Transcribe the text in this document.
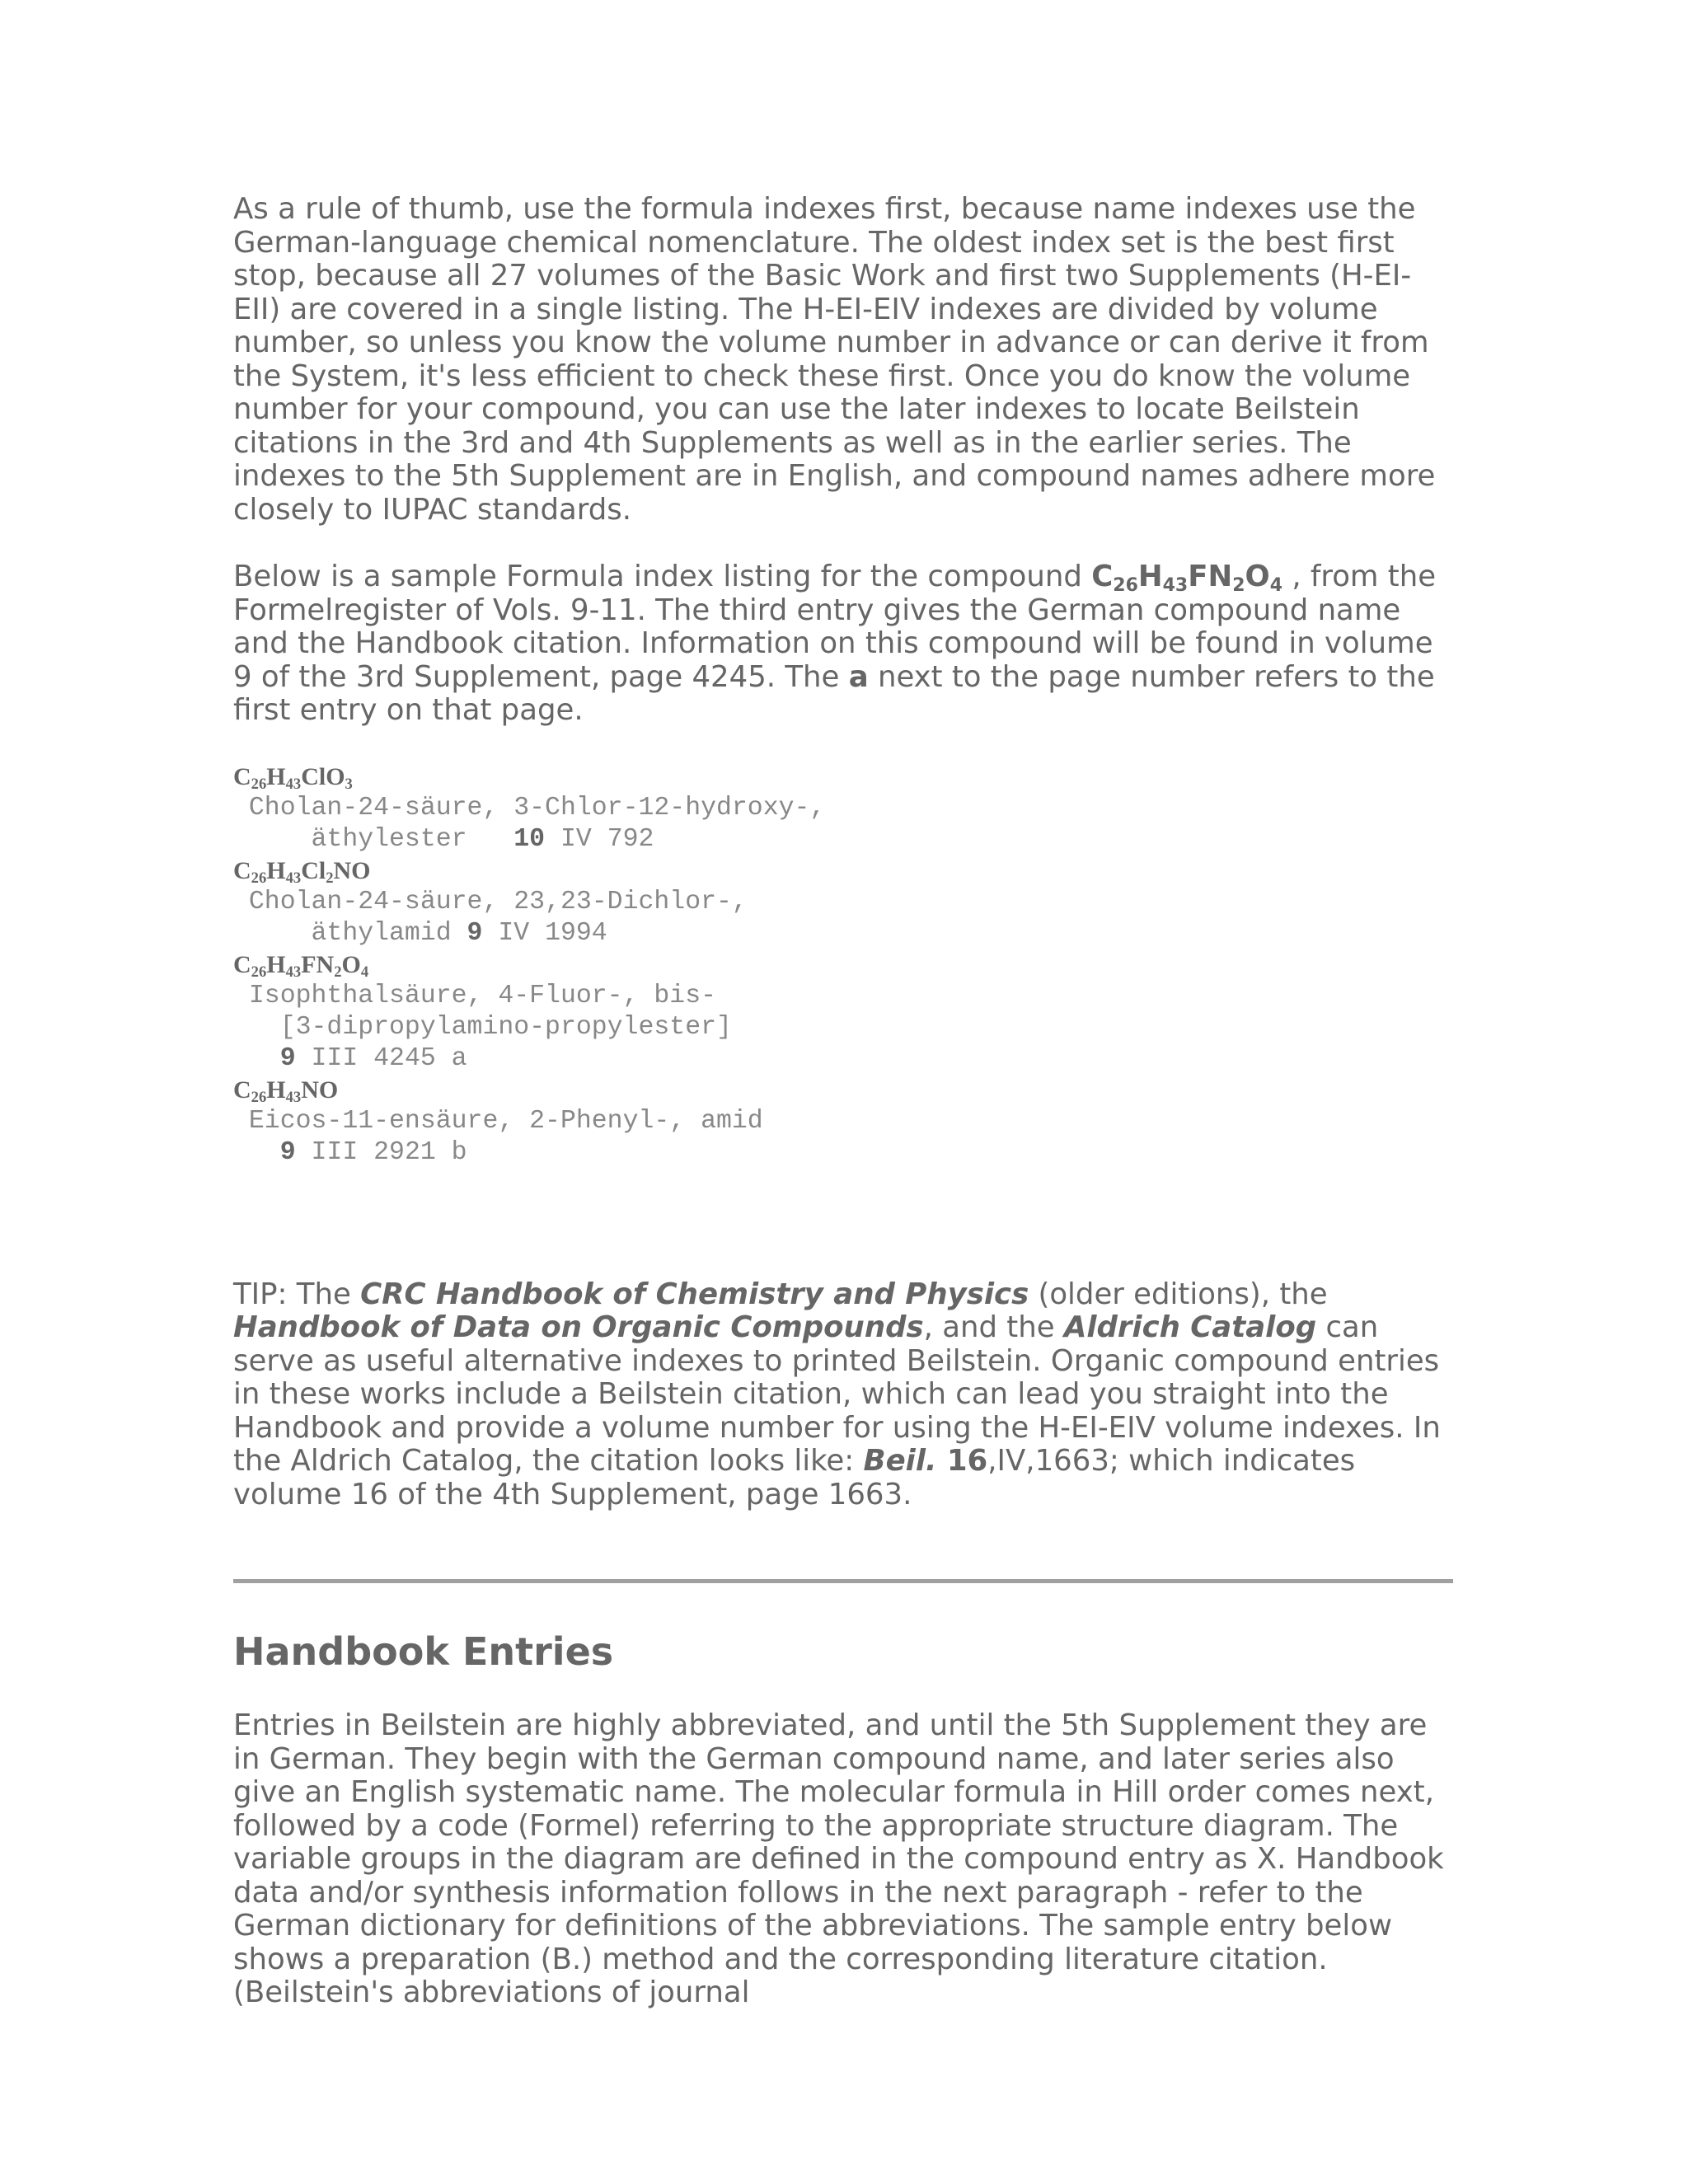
As a rule of thumb, use the formula indexes first, because name indexes use the German-language chemical nomenclature. The oldest index set is the best first stop, because all 27 volumes of the Basic Work and first two Supplements (H-EI-EII) are covered in a single listing. The H-EI-EIV indexes are divided by volume number, so unless you know the volume number in advance or can derive it from the System, it's less efficient to check these first. Once you do know the volume number for your compound, you can use the later indexes to locate Beilstein citations in the 3rd and 4th Supplements as well as in the earlier series. The indexes to the 5th Supplement are in English, and compound names adhere more closely to IUPAC standards.

Below is a sample Formula index listing for the compound $C_{26}H_{43}FN_2O_4$ , from the Formelregister of Vols. 9-11. The third entry gives the German compound name and the Handbook citation. Information on this compound will be found in volume 9 of the 3rd Supplement, page 4245. The a next to the page number refers to the first entry on that page.

$C_{26}H_{43}ClO_3$
Cholan-24-säure, 3-Chlor-12-hydroxy-,
äthylester   10 IV 792
$C_{26}H_{43}Cl_2NO$
Cholan-24-säure, 23,23-Dichlor-,
äthylamid 9 IV 1994
$C_{26}H_{43}FN_2O_4$
Isophthalsäure, 4-Fluor-, bis-
[3-dipropylamino-propylester]
9 III 4245 a
$C_{26}H_{43}NO$
Eicos-11-ensäure, 2-Phenyl-, amid
9 III 2921 b

TIP: The CRC Handbook of Chemistry and Physics (older editions), the Handbook of Data on Organic Compounds, and the Aldrich Catalog can serve as useful alternative indexes to printed Beilstein. Organic compound entries in these works include a Beilstein citation, which can lead you straight into the Handbook and provide a volume number for using the H-EI-EIV volume indexes. In the Aldrich Catalog, the citation looks like: Beil. 16,IV,1663; which indicates volume 16 of the 4th Supplement, page 1663.

Handbook Entries

Entries in Beilstein are highly abbreviated, and until the 5th Supplement they are in German. They begin with the German compound name, and later series also give an English systematic name. The molecular formula in Hill order comes next, followed by a code (Formel) referring to the appropriate structure diagram. The variable groups in the diagram are defined in the compound entry as X. Handbook data and/or synthesis information follows in the next paragraph - refer to the German dictionary for definitions of the abbreviations. The sample entry below shows a preparation (B.) method and the corresponding literature citation. (Beilstein's abbreviations of journal
